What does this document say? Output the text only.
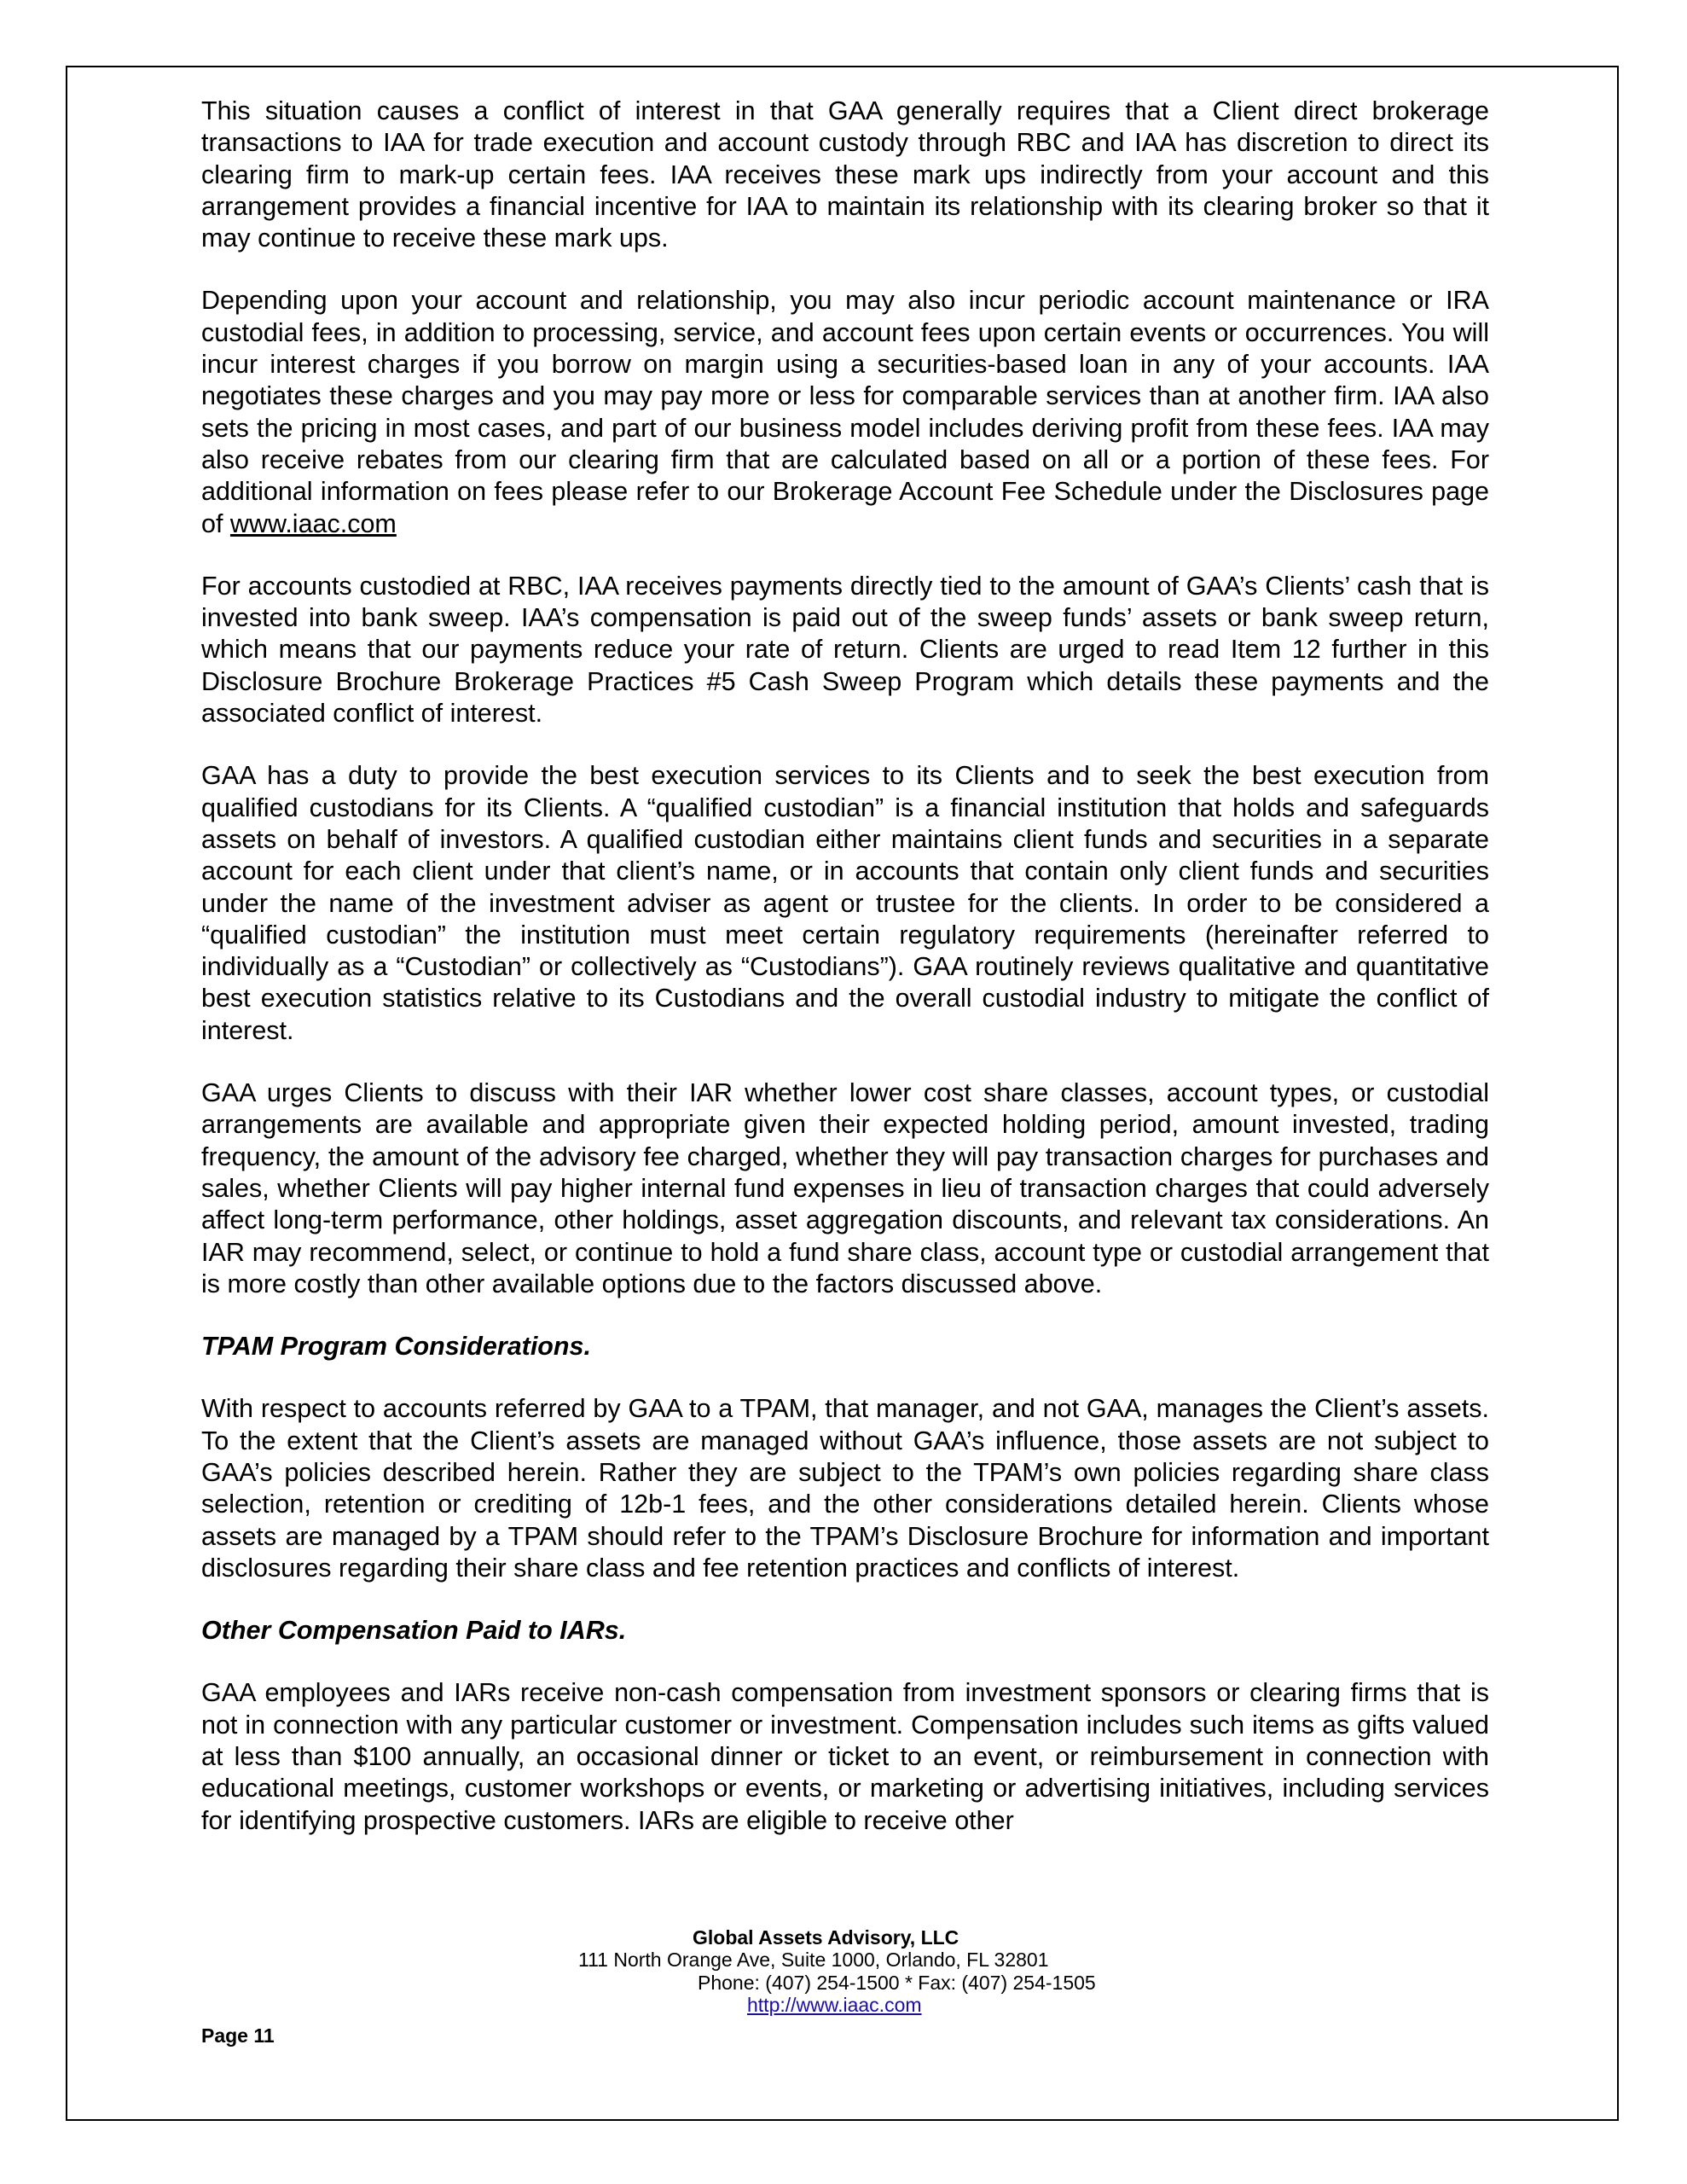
This situation causes a conflict of interest in that GAA generally requires that a Client direct brokerage transactions to IAA for trade execution and account custody through RBC and IAA has discretion to direct its clearing firm to mark-up certain fees. IAA receives these mark ups indirectly from your account and this arrangement provides a financial incentive for IAA to maintain its relationship with its clearing broker so that it may continue to receive these mark ups.

Depending upon your account and relationship, you may also incur periodic account maintenance or IRA custodial fees, in addition to processing, service, and account fees upon certain events or occurrences. You will incur interest charges if you borrow on margin using a securities-based loan in any of your accounts. IAA negotiates these charges and you may pay more or less for comparable services than at another firm. IAA also sets the pricing in most cases, and part of our business model includes deriving profit from these fees. IAA may also receive rebates from our clearing firm that are calculated based on all or a portion of these fees. For additional information on fees please refer to our Brokerage Account Fee Schedule under the Disclosures page of www.iaac.com

For accounts custodied at RBC, IAA receives payments directly tied to the amount of GAA’s Clients’ cash that is invested into bank sweep. IAA’s compensation is paid out of the sweep funds’ assets or bank sweep return, which means that our payments reduce your rate of return. Clients are urged to read Item 12 further in this Disclosure Brochure Brokerage Practices #5 Cash Sweep Program which details these payments and the associated conflict of interest.

GAA has a duty to provide the best execution services to its Clients and to seek the best execution from qualified custodians for its Clients. A “qualified custodian” is a financial institution that holds and safeguards assets on behalf of investors. A qualified custodian either maintains client funds and securities in a separate account for each client under that client’s name, or in accounts that contain only client funds and securities under the name of the investment adviser as agent or trustee for the clients. In order to be considered a “qualified custodian” the institution must meet certain regulatory requirements (hereinafter referred to individually as a “Custodian” or collectively as “Custodians”). GAA routinely reviews qualitative and quantitative best execution statistics relative to its Custodians and the overall custodial industry to mitigate the conflict of interest.

GAA urges Clients to discuss with their IAR whether lower cost share classes, account types, or custodial arrangements are available and appropriate given their expected holding period, amount invested, trading frequency, the amount of the advisory fee charged, whether they will pay transaction charges for purchases and sales, whether Clients will pay higher internal fund expenses in lieu of transaction charges that could adversely affect long-term performance, other holdings, asset aggregation discounts, and relevant tax considerations. An IAR may recommend, select, or continue to hold a fund share class, account type or custodial arrangement that is more costly than other available options due to the factors discussed above.

TPAM Program Considerations.

With respect to accounts referred by GAA to a TPAM, that manager, and not GAA, manages the Client’s assets. To the extent that the Client’s assets are managed without GAA’s influence, those assets are not subject to GAA’s policies described herein. Rather they are subject to the TPAM’s own policies regarding share class selection, retention or crediting of 12b-1 fees, and the other considerations detailed herein. Clients whose assets are managed by a TPAM should refer to the TPAM’s Disclosure Brochure for information and important disclosures regarding their share class and fee retention practices and conflicts of interest.

Other Compensation Paid to IARs.

GAA employees and IARs receive non-cash compensation from investment sponsors or clearing firms that is not in connection with any particular customer or investment. Compensation includes such items as gifts valued at less than $100 annually, an occasional dinner or ticket to an event, or reimbursement in connection with educational meetings, customer workshops or events, or marketing or advertising initiatives, including services for identifying prospective customers. IARs are eligible to receive other

Global Assets Advisory, LLC
111 North Orange Ave, Suite 1000, Orlando, FL 32801
Phone: (407) 254-1500 * Fax: (407) 254-1505
http://www.iaac.com
Page 11
